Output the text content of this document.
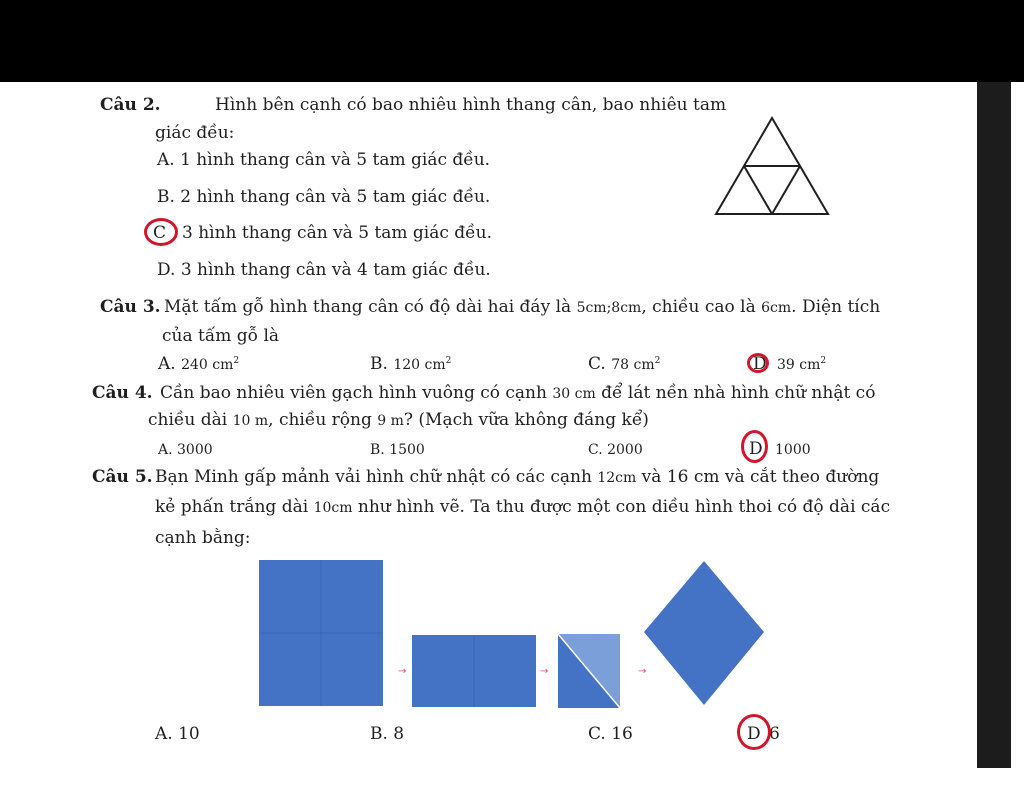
Câu 2.	Hình bên cạnh có bao nhiêu hình thang cân, bao nhiêu tam
giác đều:
A. 1 hình thang cân và 5 tam giác đều.
B. 2 hình thang cân và 5 tam giác đều.
C 3 hình thang cân và 5 tam giác đều.
D. 3 hình thang cân và 4 tam giác đều.
Câu 3. Mặt tấm gỗ hình thang cân có độ dài hai đáy là 5cm;8cm, chiều cao là 6cm. Diện tích
của tấm gỗ là
A. 240 $cm^2$	B. 120 $cm^2$	C. 78 $cm^2$	D 39 $cm^2$
Câu 4. Cần bao nhiêu viên gạch hình vuông có cạnh 30 cm để lát nền nhà hình chữ nhật có
chiều dài 10 m, chiều rộng 9 m? (Mạch vữa không đáng kể)
A. 3000	B. 1500	C. 2000	D 1000
Câu 5. Bạn Minh gấp mảnh vải hình chữ nhật có các cạnh 12cm và 16 cm và cắt theo đường
kẻ phấn trắng dài 10cm như hình vẽ. Ta thu được một con diều hình thoi có độ dài các
cạnh bằng:
→	→	→
A. 10	B. 8	C. 16	D 6
